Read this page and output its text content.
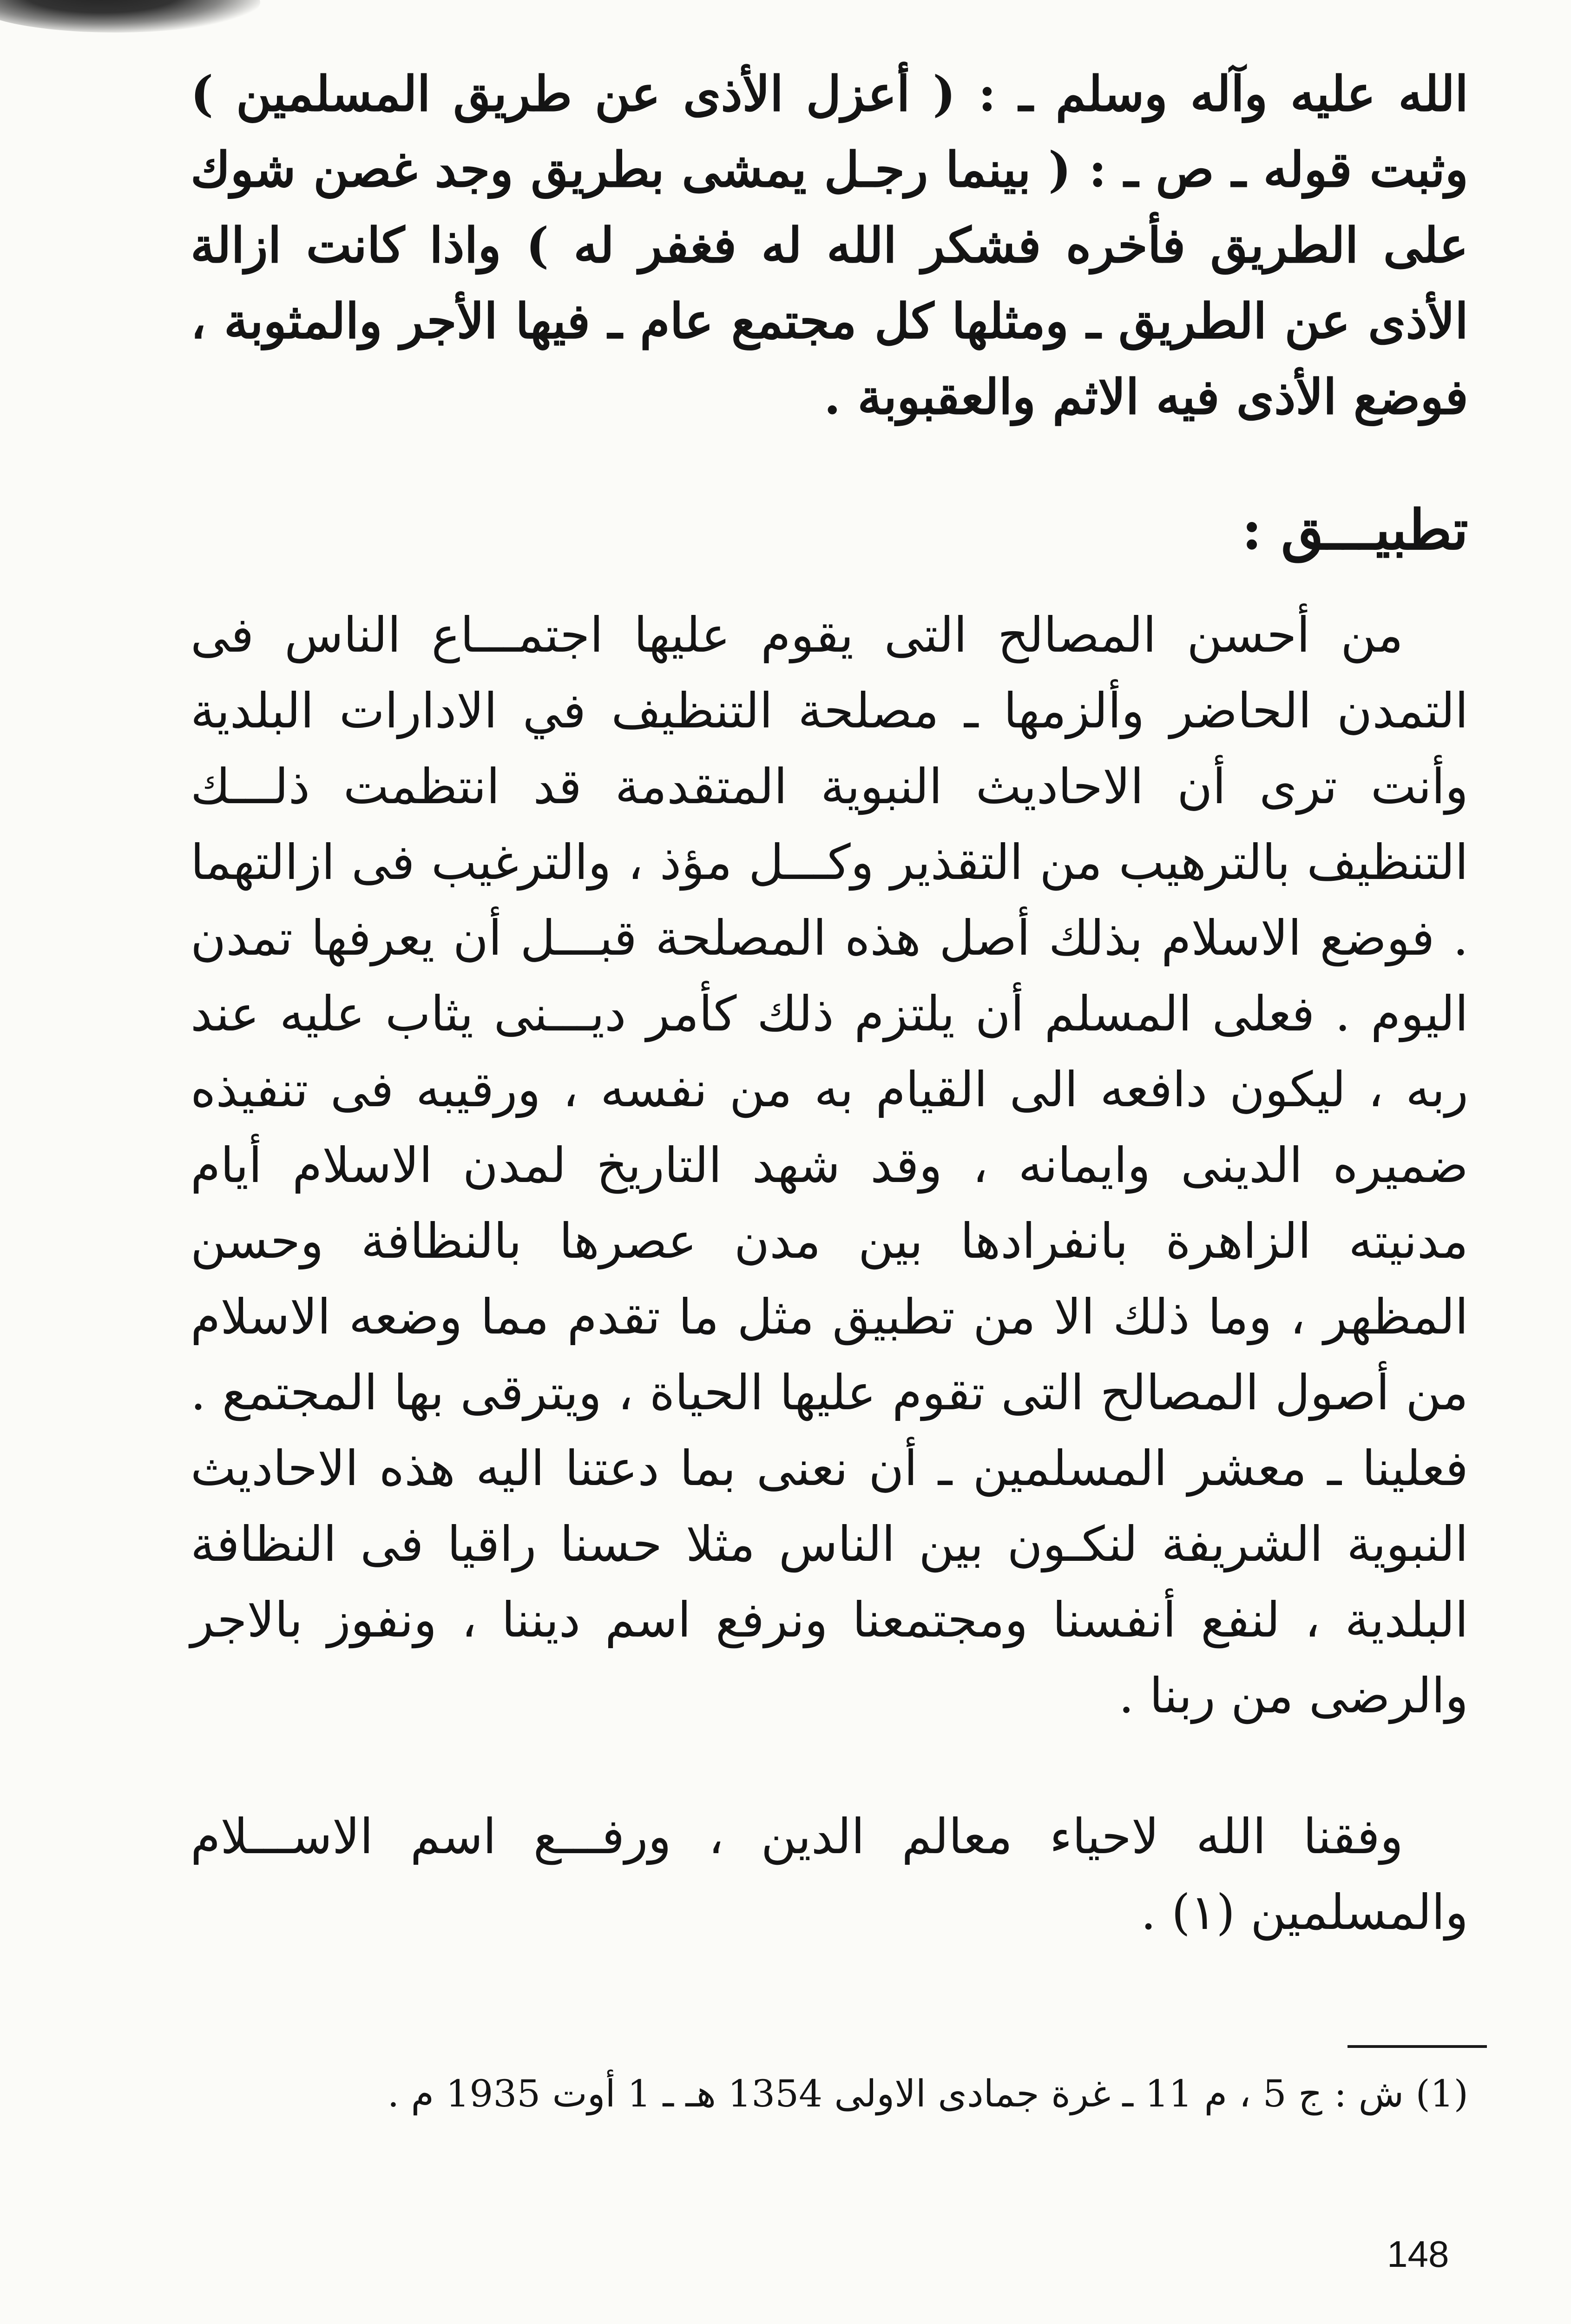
الله عليه وآله وسلم ـ : ( أعزل الأذى عن طريق المسلمين ) وثبت قوله ـ ص ـ : ( بينما رجـل يمشى بطريق وجد غصن شوك على الطريق فأخره فشكر الله له فغفر له ) واذا كانت ازالة الأذى عن الطريق ـ ومثلها كل مجتمع عام ـ فيها الأجر والمثوبة ، فوضع الأذى فيه الاثم والعقبوبة .

تطبيـــق :

من أحسن المصالح التى يقوم عليها اجتمـــاع الناس فى التمدن الحاضر وألزمها ـ مصلحة التنظيف في الادارات البلدية وأنت ترى أن الاحاديث النبوية المتقدمة قد انتظمت ذلـــك التنظيف بالترهيب من التقذير وكـــل مؤذ ، والترغيب فى ازالتهما . فوضع الاسلام بذلك أصل هذه المصلحة قبـــل أن يعرفها تمدن اليوم . فعلى المسلم أن يلتزم ذلك كأمر ديـــنى يثاب عليه عند ربه ، ليكون دافعه الى القيام به من نفسه ، ورقيبه فى تنفيذه ضميره الدينى وايمانه ، وقد شهد التاريخ لمدن الاسلام أيام مدنيته الزاهرة بانفرادها بين مدن عصرها بالنظافة وحسن المظهر ، وما ذلك الا من تطبيق مثل ما تقدم مما وضعه الاسلام من أصول المصالح التى تقوم عليها الحياة ، ويترقى بها المجتمع . فعلينا ـ معشر المسلمين ـ أن نعنى بما دعتنا اليه هذه الاحاديث النبوية الشريفة لنكـون بين الناس مثلا حسنا راقيا فى النظافة البلدية ، لنفع أنفسنا ومجتمعنا ونرفع اسم ديننا ، ونفوز بالاجر والرضى من ربنا .

وفقنا الله لاحياء معالم الدين ، ورفـــع اسم الاســـلام والمسلمين (١) .

(1) ش : ج 5 ، م 11 ـ غرة جمادى الاولى 1354 هـ ـ 1 أوت 1935 م .
148
